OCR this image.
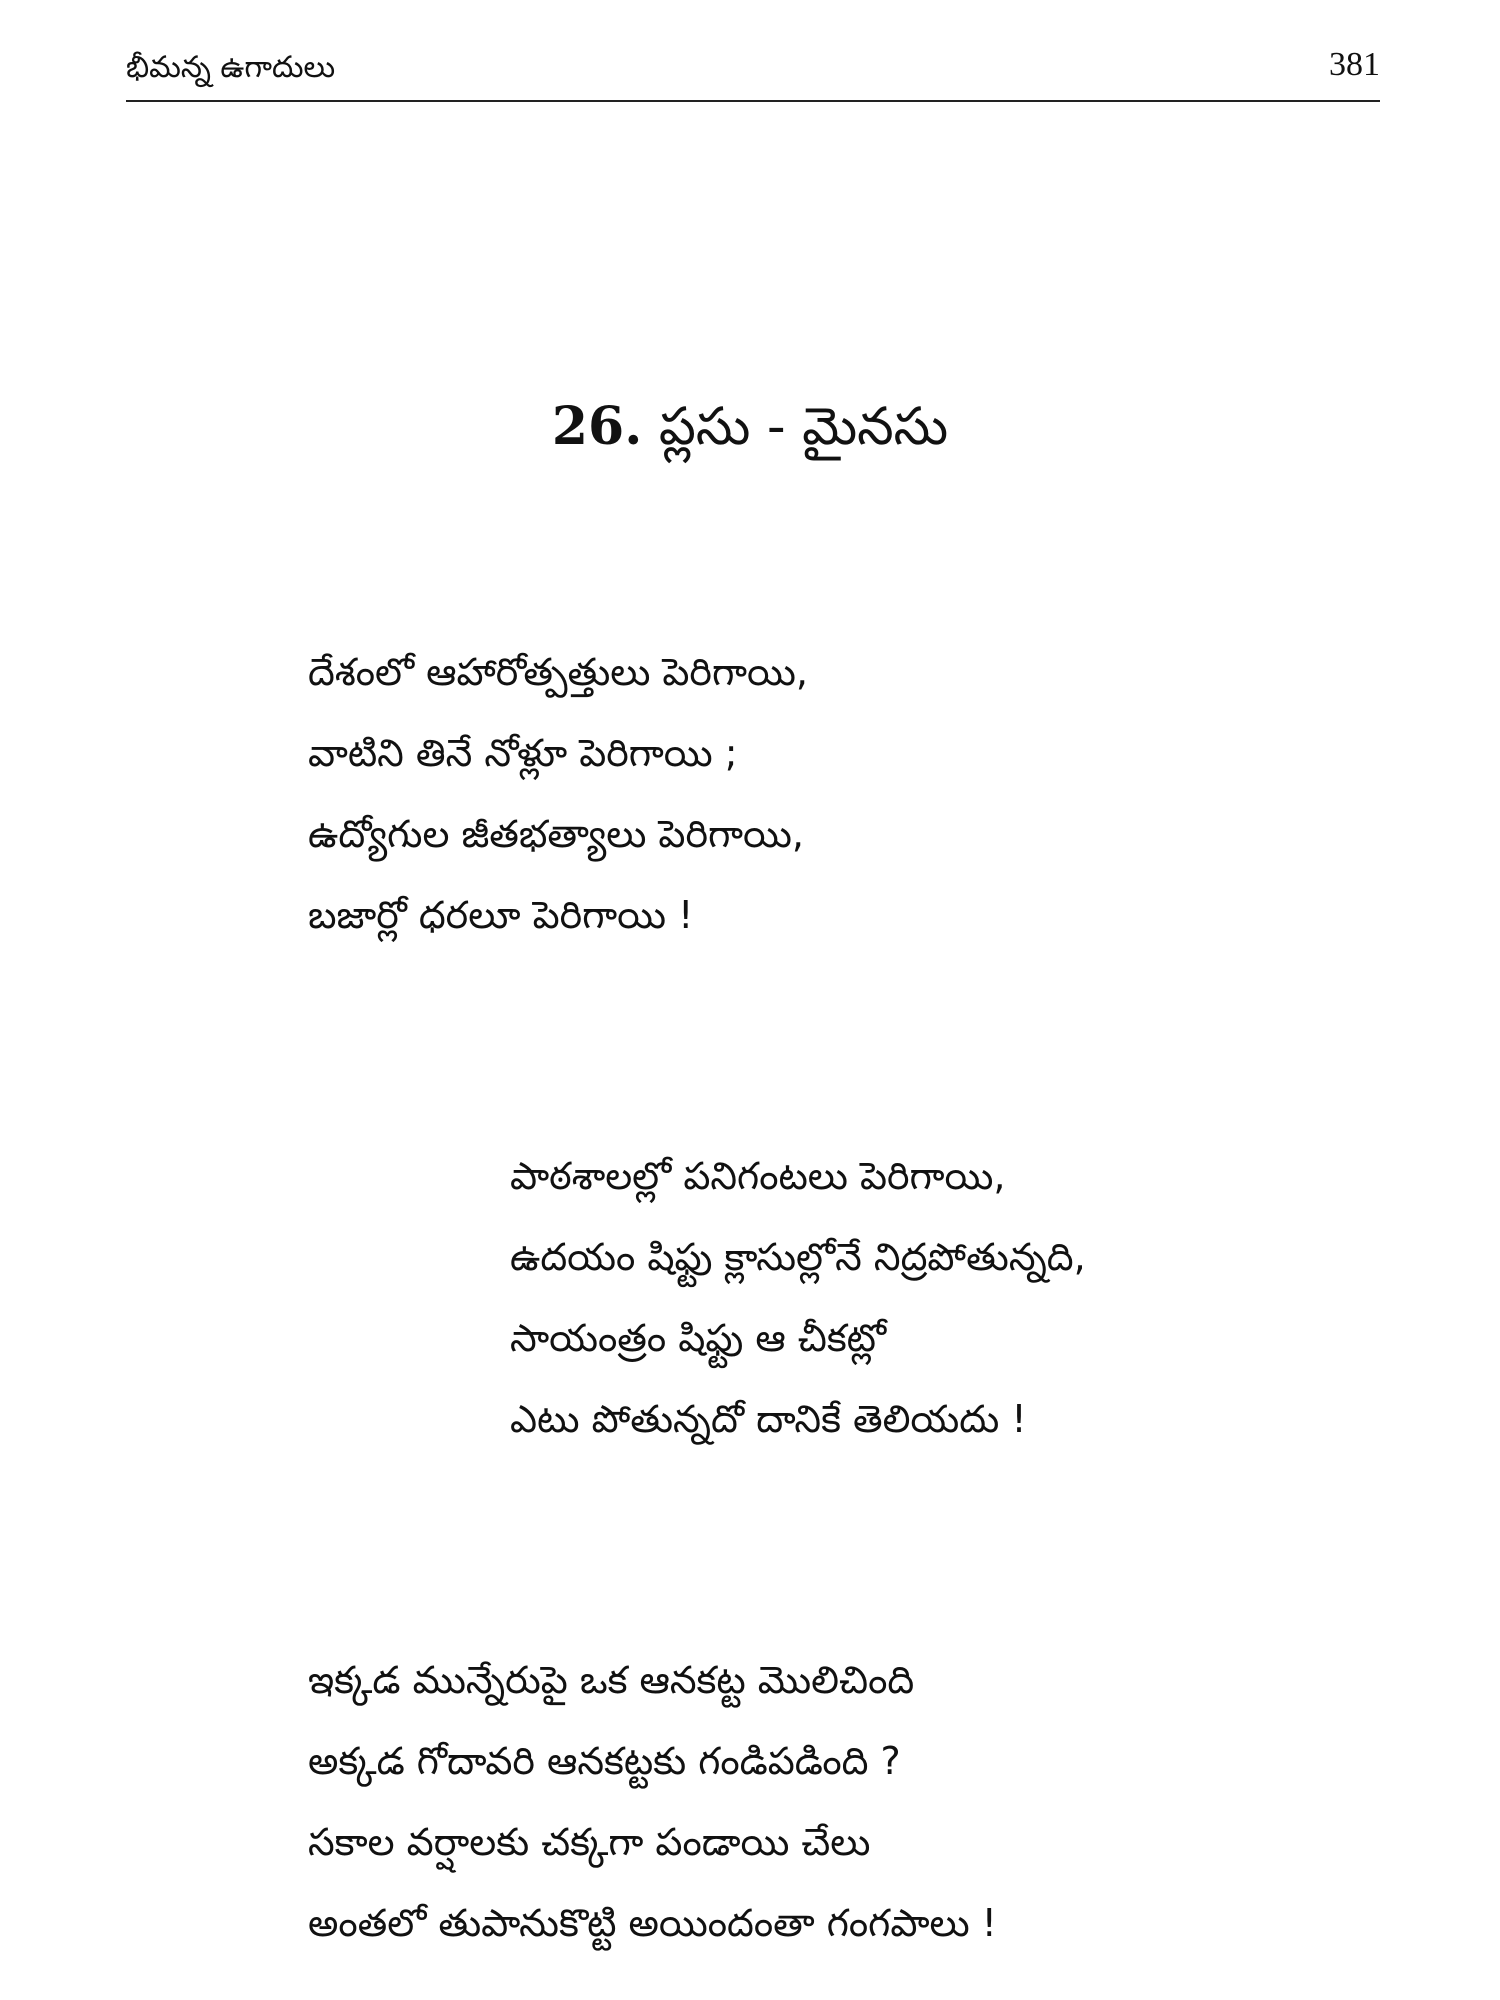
భీమన్న ఉగాదులు	381
26. ప్లసు - మైనసు
దేశంలో ఆహారోత్పత్తులు పెరిగాయి,
వాటిని తినే నోళ్లూ పెరిగాయి ;
ఉద్యోగుల జీతభత్యాలు పెరిగాయి,
బజార్లో ధరలూ పెరిగాయి !
పాఠశాలల్లో పనిగంటలు పెరిగాయి,
ఉదయం షిఫ్టు క్లాసుల్లోనే నిద్రపోతున్నది,
సాయంత్రం షిఫ్టు ఆ చీకట్లో
ఎటు పోతున్నదో దానికే తెలియదు !
ఇక్కడ మున్నేరుపై ఒక ఆనకట్ట మొలిచింది
అక్కడ గోదావరి ఆనకట్టకు గండిపడింది ?
సకాల వర్షాలకు చక్కగా పండాయి చేలు
అంతలో తుపానుకొట్టి అయిందంతా గంగపాలు !
